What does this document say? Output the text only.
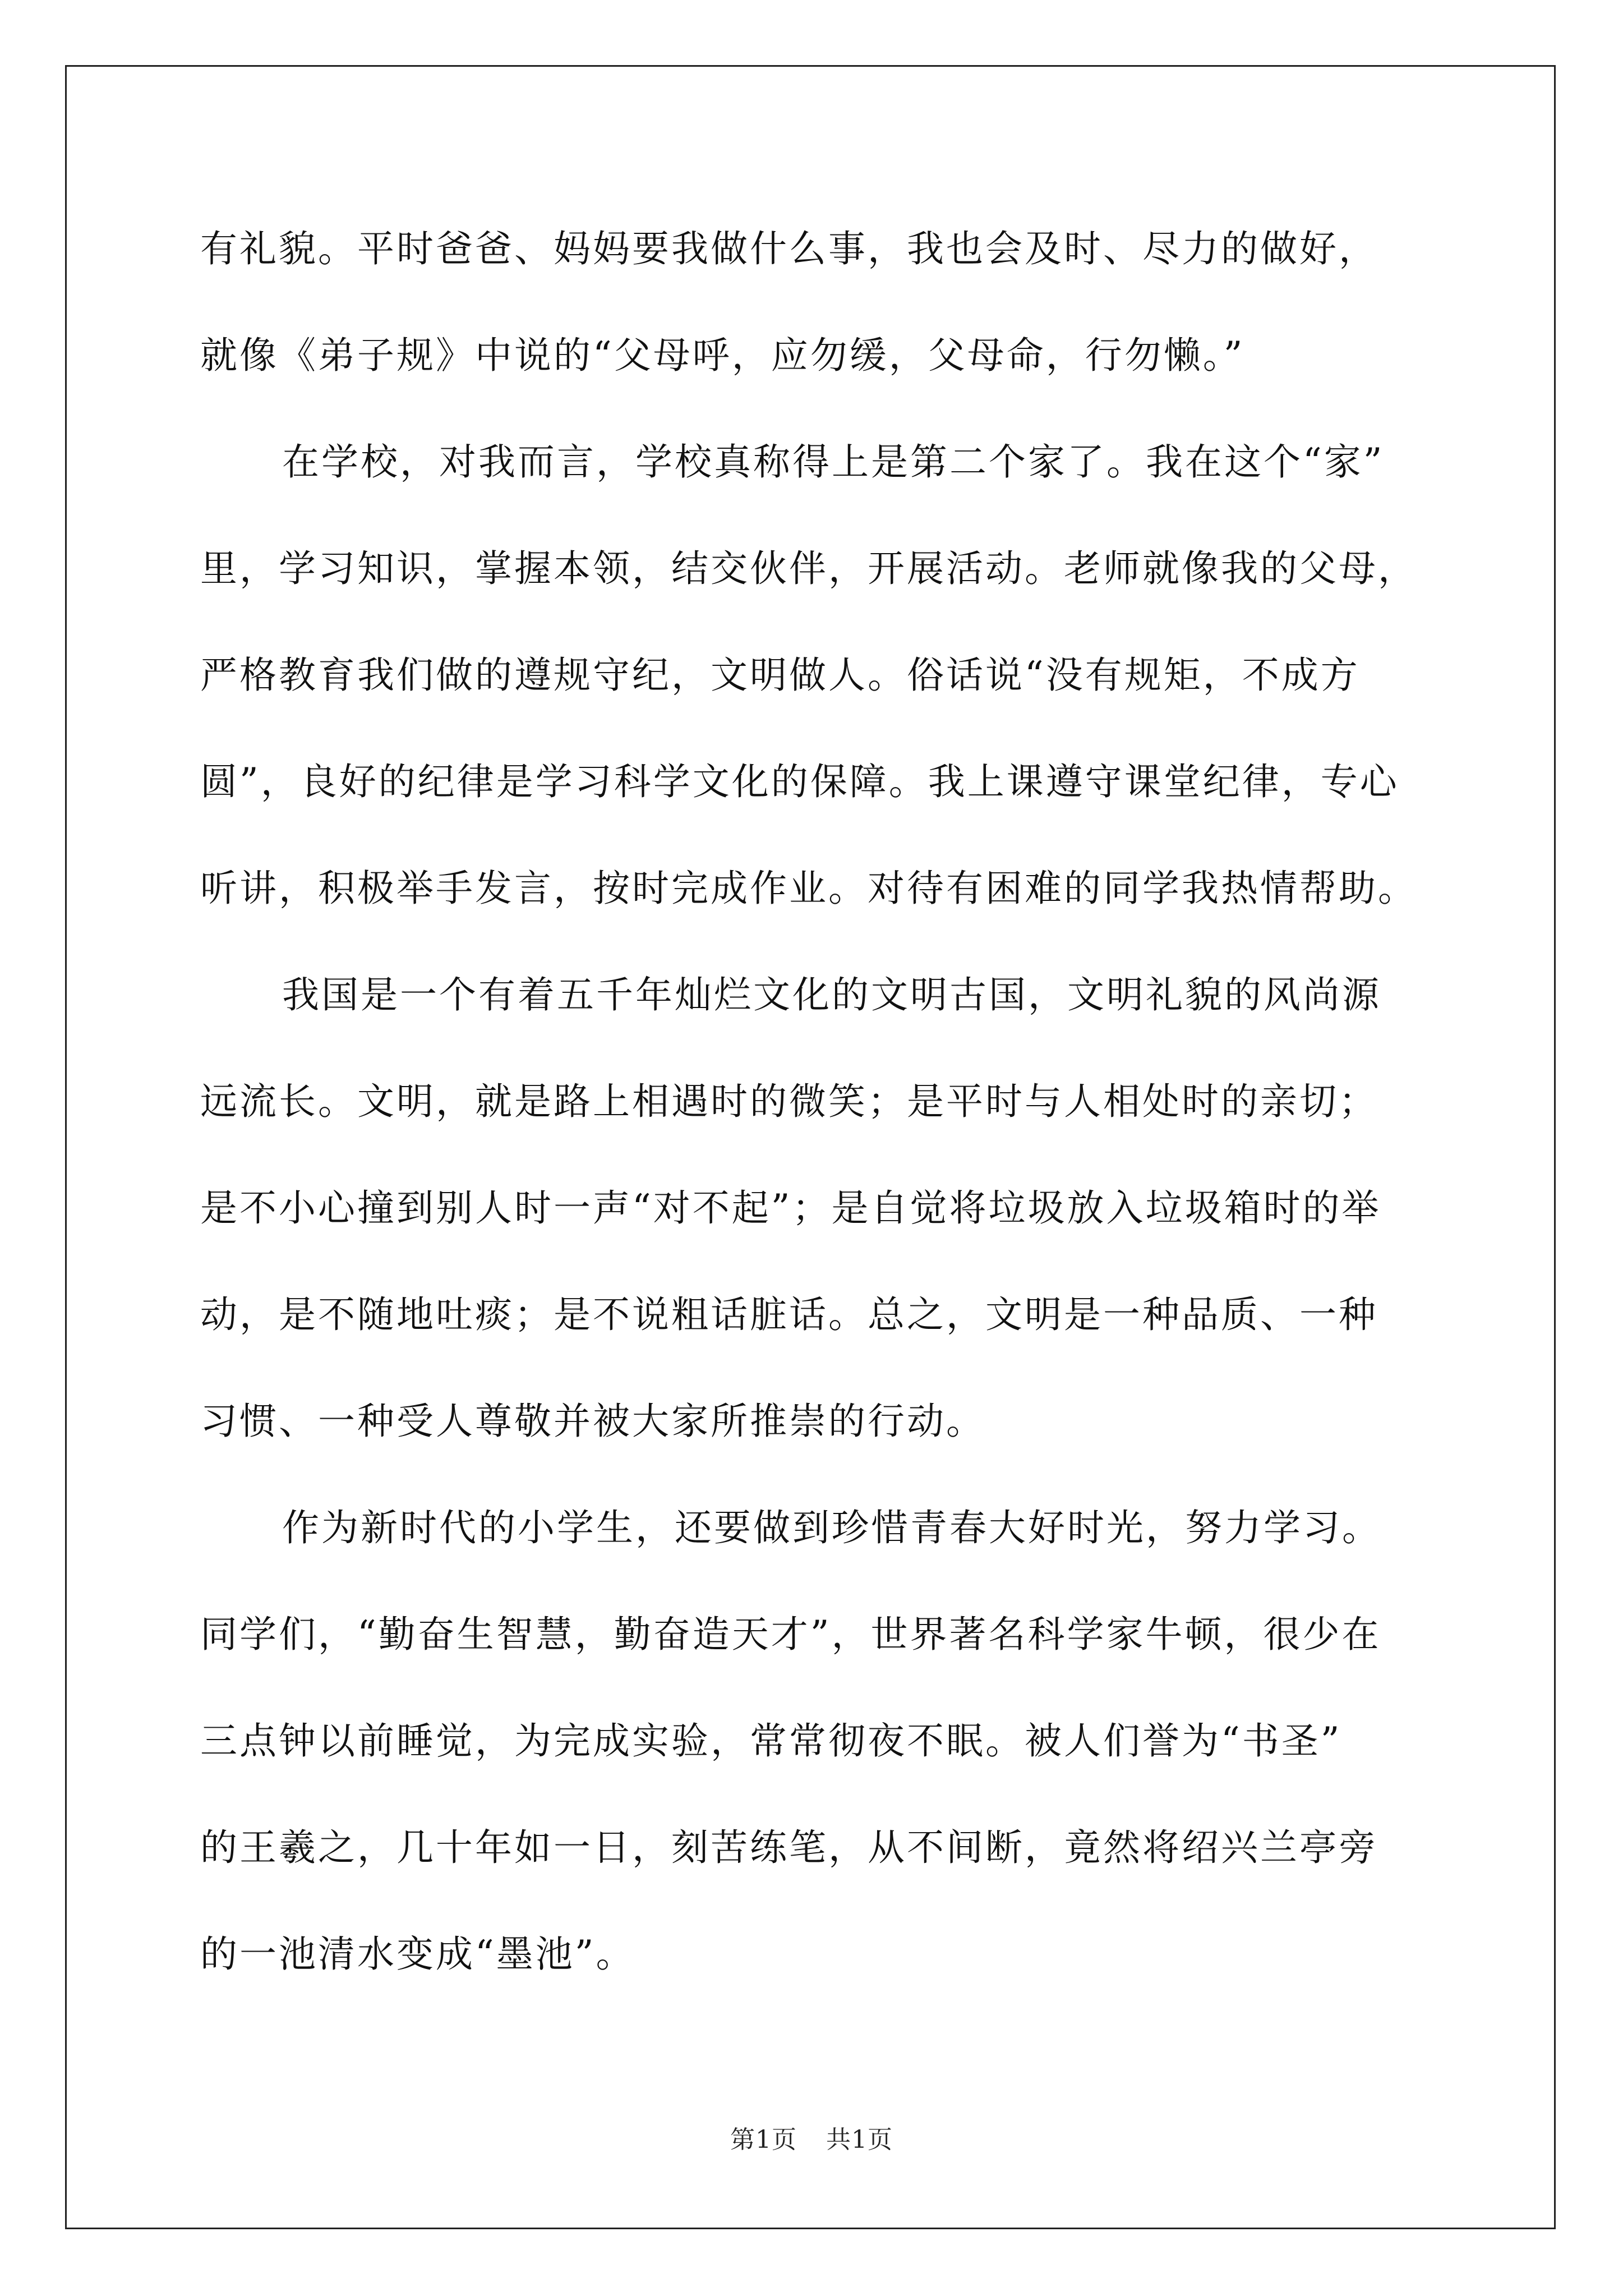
有礼貌。平时爸爸、妈妈要我做什么事，我也会及时、尽力的做好，
就像《弟子规》中说的“父母呼，应勿缓，父母命，行勿懒。”
在学校，对我而言，学校真称得上是第二个家了。我在这个“家”
里，学习知识，掌握本领，结交伙伴，开展活动。老师就像我的父母，
严格教育我们做的遵规守纪，文明做人。俗话说“没有规矩，不成方
圆”，良好的纪律是学习科学文化的保障。我上课遵守课堂纪律，专心
听讲，积极举手发言，按时完成作业。对待有困难的同学我热情帮助。
我国是一个有着五千年灿烂文化的文明古国，文明礼貌的风尚源
远流长。文明，就是路上相遇时的微笑；是平时与人相处时的亲切；
是不小心撞到别人时一声“对不起”；是自觉将垃圾放入垃圾箱时的举
动，是不随地吐痰；是不说粗话脏话。总之，文明是一种品质、一种
习惯、一种受人尊敬并被大家所推崇的行动。
作为新时代的小学生，还要做到珍惜青春大好时光，努力学习。
同学们，“勤奋生智慧，勤奋造天才”，世界著名科学家牛顿，很少在
三点钟以前睡觉，为完成实验，常常彻夜不眠。被人们誉为“书圣”
的王羲之，几十年如一日，刻苦练笔，从不间断，竟然将绍兴兰亭旁
的一池清水变成“墨池”。
第1页 共1页
